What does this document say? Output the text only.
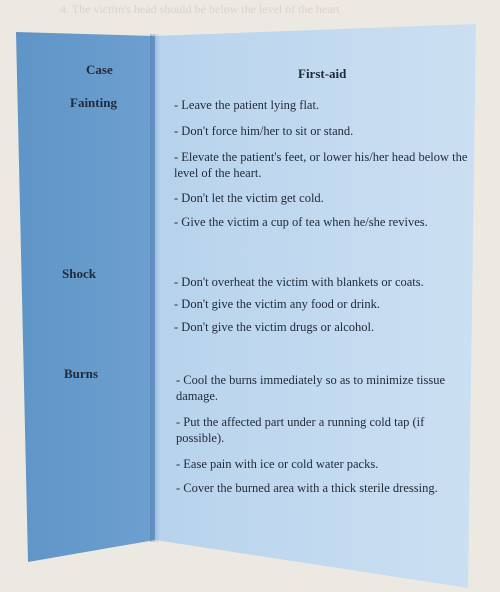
4. The victim's head should be below the level of the heart
Case	First-aid
Fainting	- Leave the patient lying flat.
- Don't force him/her to sit or stand.
- Elevate the patient's feet, or lower his/her head below the level of the heart.
- Don't let the victim get cold.
- Give the victim a cup of tea when he/she revives.
Shock
- Don't overheat the victim with blankets or coats.
- Don't give the victim any food or drink.
- Don't give the victim drugs or alcohol.
Burns	- Cool the burns immediately so as to minimize tissue damage.
- Put the affected part under a running cold tap (if possible).
- Ease pain with ice or cold water packs.
- Cover the burned area with a thick sterile dressing.
